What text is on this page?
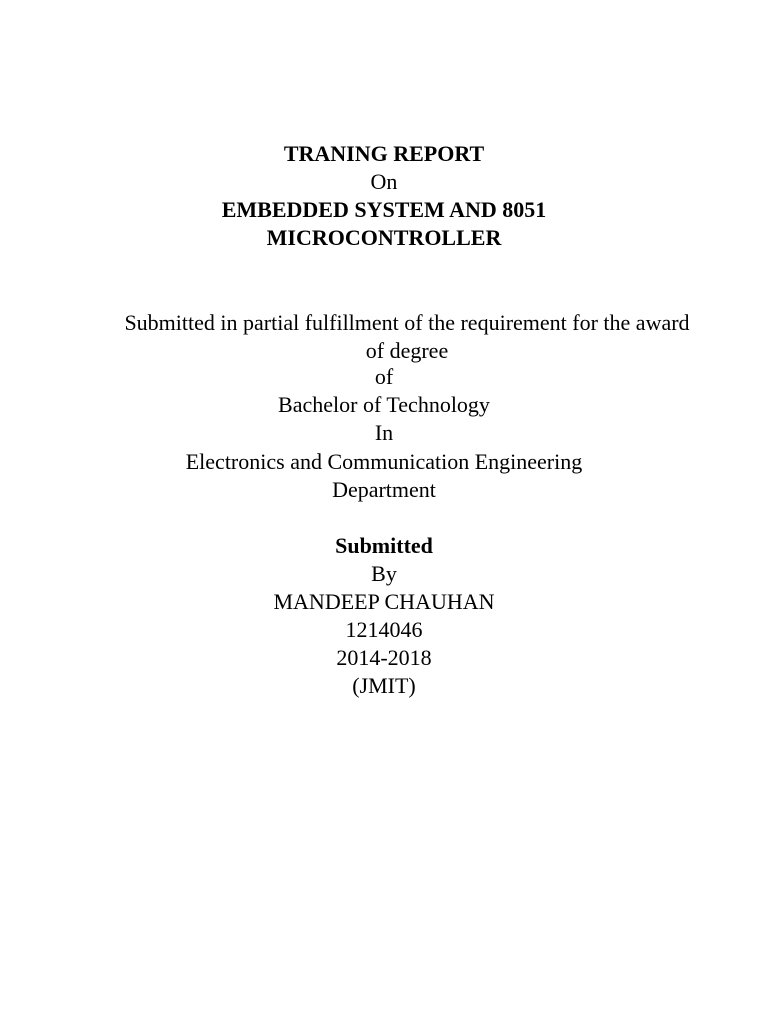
TRANING REPORT
On
EMBEDDED SYSTEM AND 8051
MICROCONTROLLER
Submitted in partial fulfillment of the requirement for the award of degree
of
Bachelor of Technology
In
Electronics and Communication Engineering
Department
Submitted
By
MANDEEP CHAUHAN
1214046
2014-2018
(JMIT)
